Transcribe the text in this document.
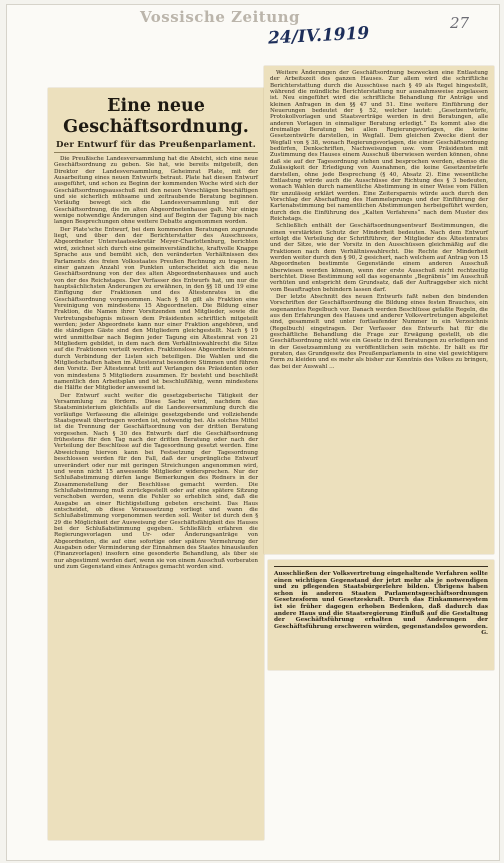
Vossische Zeitung
24/IV.1919
27
Eine neue Geschäftsordnung.
Der Entwurf für das Preußenparlament.

Die Preußische Landesversammlung hat die Absicht, sich eine neue Geschäftsordnung zu geben. Sie hat, wie bereits mitgeteilt, den Direktor der Landesversammlung, Geheimrat Plate, mit der Ausarbeitung eines neuen Entwurfs betraut. Plate hat diesen Entwurf ausgeführt, und schon zu Beginn der kommenden Woche wird sich der Geschäftsordnungsausschuß mit den neuen Vorschlägen beschäftigen und sie sicherlich mühsame und zeitraubende Beratung beginnen. Vorläufig bewegt sich die Landesversammlung mit der Geschäftsordnung, die im alten Abgeordnetenhause galt. Nur einige wenige notwendige Änderungen sind auf Beginn der Tagung bis nach langen Besprechungen ohne weitere Debatte angenommen worden.

Der Plate'sche Entwurf, bei dem kommenden Beratungen zugrunde liegt, und über den der Berichterstatter des Ausschusses, Abgeordneter Unterstaatssekretär Meyer-Charlottenburg, berichten wird, zeichnet sich durch eine gemeinverständliche, kraftvolle Knappe Sprache aus und bemüht sich, den veränderten Verhältnissen des Parlaments des freien Volksstaates Preußen Rechnung zu tragen. In einer ganzen Anzahl von Punkten unterscheidet sich die neue Geschäftsordnung von der des alten Abgeordnetenhauses und auch von der des Reichstages. Der Verfasser des Entwurfs hat, um nur die hauptsächlichsten Änderungen zu erwähnen, in den §§ 18 und 19 eine Einfügung der Fraktionen und des Ältestenrates in die Geschäftsordnung vorgenommen. Nach § 18 gilt als Fraktion eine Vereinigung von mindestens 15 Abgeordneten. Die Bildung einer Fraktion, die Namen ihrer Vorsitzenden und Mitglieder, sowie die Vertretungsbefugnis müssen dem Präsidenten schriftlich mitgeteilt werden; jeder Abgeordnete kann nur einer Fraktion angehören, und die ständigen Gäste sind den Mitgliedern gleichgestellt. Nach § 19 wird unmittelbar nach Beginn jeder Tagung ein Ältestenrat von 21 Mitgliedern gebildet, in dem nach dem Verhältniswahlrecht die Sitze auf die Fraktionen verteilt werden. Fraktionslose Abgeordnete können durch Verbindung der Listen sich beteiligen. Die Wahlen und die Mitgliedschaften haben im Ältestenrat besondere Stimmen und führen den Vorsitz. Der Ältestenrat tritt auf Verlangen des Präsidenten oder von mindestens 5 Mitgliedern zusammen. Er besteht und beschließt namentlich den Arbeitsplan und ist beschlußfähig, wenn mindestens die Hälfte der Mitglieder anwesend ist.

Der Entwurf sucht weiter die gesetzgeberische Tätigkeit der Versammlung zu fördern. Diese Sache wird, nachdem das Staatsministerium gleichfalls auf die Landesversammlung durch die vorläufige Verfassung die alleinige gesetzgebende und vollziehende Staatsgewalt übertragen worden ist, notwendig bei. Als solches Mittel ist die Trennung der Geschäftsordnung von der dritten Beratung vorgesehen. Nach § 30 des Entwurfs darf die Geschäftsordnung frühestens für den Tag nach der dritten Beratung oder nach der Verteilung der Beschlüsse auf die Tagesordnung gesetzt werden. Eine Abweichung hiervon kann bei Festsetzung der Tagesordnung beschlossen werden für den Fall, daß der ursprüngliche Entwurf unverändert oder nur mit geringen Streichungen angenommen wird, und wenn nicht 15 anwesende Mitglieder widersprechen. Nur der Schlußabstimmung dürfen lange Bemerkungen des Redners in der Zusammenstellung der Beschlüsse gemacht werden. Die Schlußabstimmung muß zurückgestellt oder auf eine spätere Sitzung verschoben werden, wenn die Fehler so erheblich sind, daß die Ausgabe an einer Richtigstellung gebeten erscheint. Das Haus entscheidet, ob diese Voraussetzung vorliegt und wann die Schlußabstimmung vorgenommen werden soll. Weiter ist durch den § 29 die Möglichkeit der Ausweisung der Geschäftsfähigkeit des Hauses bei der Schlußabstimmung gegeben. Schließlich erfahren die Regierungsvorlagen und Ur- oder Änderungsanträge von Abgeordneten, die auf eine sofortige oder spätere Vermehrung der Ausgaben oder Verminderung der Einnahmen des Staates hinauslaufen (Finanzvorlagen) insofern eine gesonderte Behandlung, als über sie nur abgestimmt werden darf, wenn sie von einem Ausschuß vorberaten und zum Gegenstand eines Antrages gemacht worden sind.

Weitere Änderungen der Geschäftsordnung bezwecken eine Entlastung der Arbeitszeit des ganzen Hauses. Zur allem wird die schriftliche Berichterstattung durch die Ausschüsse nach § 49 als Regel hingestellt, während die mündliche Berichterstattung nur ausnahmsweise zugelassen ist. Neu eingeführt wird die schriftliche Behandlung für Anträge und kleinen Anfragen in den §§ 47 und 51. Eine weitere Einführung der Neuerungen bedeutet der § 52, welcher lautet: „Gesetzentwürfe, Protokollvorlagen und Staatsverträge werden in drei Beratungen, alle anderen Vorlagen in einmaliger Beratung erledigt.“ Es kommt also die dreimalige Beratung bei allen Regierungsvorlagen, die keine Gesetzentwürfe darstellen, in Wegfall. Dem gleichen Zwecke dient der Wegfall von § 38, wonach Regierungsvorlagen, die einer Geschäftsordnung bedürfen, Denkschriften, Nachweisungen usw. vom Präsidenten mit Zustimmung des Hauses einem Ausschuß überwiesen werden können, ohne daß sie auf der Tagesordnung stehen und besprochen werden, ebenso die Zulässigkeit der Erledigung von Ausnahmen, die keine Gesetzentwürfe darstellen, ohne jede Besprechung (§ 40, Absatz 2). Eine wesentliche Entlastung würde auch die Ausschüsse der Richtung des § 3 bedeuten, wonach Wahlen durch namentliche Abstimmung in einer Weise vom Fällen für unzulässig erklärt werden. Eine Zeitersparnis würde auch durch den Vorschlag der Abschaffung des Hammelsprungs und der Einführung der Kartenabstimmung bei namentlichen Abstimmungen herbeigeführt werden, durch den die Einführung des „Kalten Verfahrens“ nach dem Muster des Reichstags.

Schließlich enthält der Geschäftsordnungsentwurf Bestimmungen, die einen verstärkten Schutz der Minderheit bedeuten. Nach dem Entwurf erfolgt die Verteilung der Schriftführer, der Mitglieder des Ältestenrates und der Sitze, wie der Vorsitz in den Ausschüssen gleichmäßig auf die Fraktionen nach dem Verhältniswahlrecht. Die Rechte der Minderheit werden weiter durch den § 90, 2 gesichert, nach welchem auf Antrag von 15 Abgeordneten bestimmte Gegenstände einem anderen Ausschuß überwiesen werden können, wenn der erste Ausschuß nicht rechtzeitig berichtet. Diese Bestimmung soll das sogenannte „Begräbnis“ im Ausschuß verhüten und entspricht dem Grundsatz, daß der Auftraggeber sich nicht vom Beauftragten behindern lassen darf.

Der letzte Abschnitt des neuen Entwurfs faßt neben den bindenden Vorschriften der Geschäftsordnung die Bildung eines festen Brauches, ein sogenanntes Regelbuch vor. Danach werden Beschlüsse gefaßte Regeln, die aus den Erfahrungen des Hauses und anderer Volksvertretungen abgeleitet sind, gesammelt und unter fortlaufender Nummer in ein Verzeichnis (Regelbuch) eingetragen. Der Verfasser des Entwurfs hat für die geschäftliche Behandlung die Frage zur Erwägung gestellt, ob die Geschäftsordnung nicht wie ein Gesetz in drei Beratungen zu erledigen und in der Gesetzsammlung zu veröffentlichen sein möchte. Er hält es für geraten, das Grundgesetz des Preußenparlaments in eine viel gewichtigere Form zu kleiden und es mehr als bisher zur Kenntnis des Volkes zu bringen, das bei der Auswahl ...

Ausschließen der Volksvertretung eingehaltende Verfahren sollte einen wichtigen Gegenstand der jetzt mehr als je notwendigen und zu pflegenden Staatsbürgerlehre bilden. Übrigens haben schon in anderen Staaten Parlamentsgeschäftsordnungen Gesetzesform und Gesetzeskraft. Durch das Einkammersystem ist sie früher dagegen erhoben Bedenken, daß dadurch das andere Haus und die Staatsregierung Einfluß auf die Gestaltung der Geschäftsführung erhalten und Änderungen der Geschäftsführung erschweren würden, gegenstandslos geworden.
G.
